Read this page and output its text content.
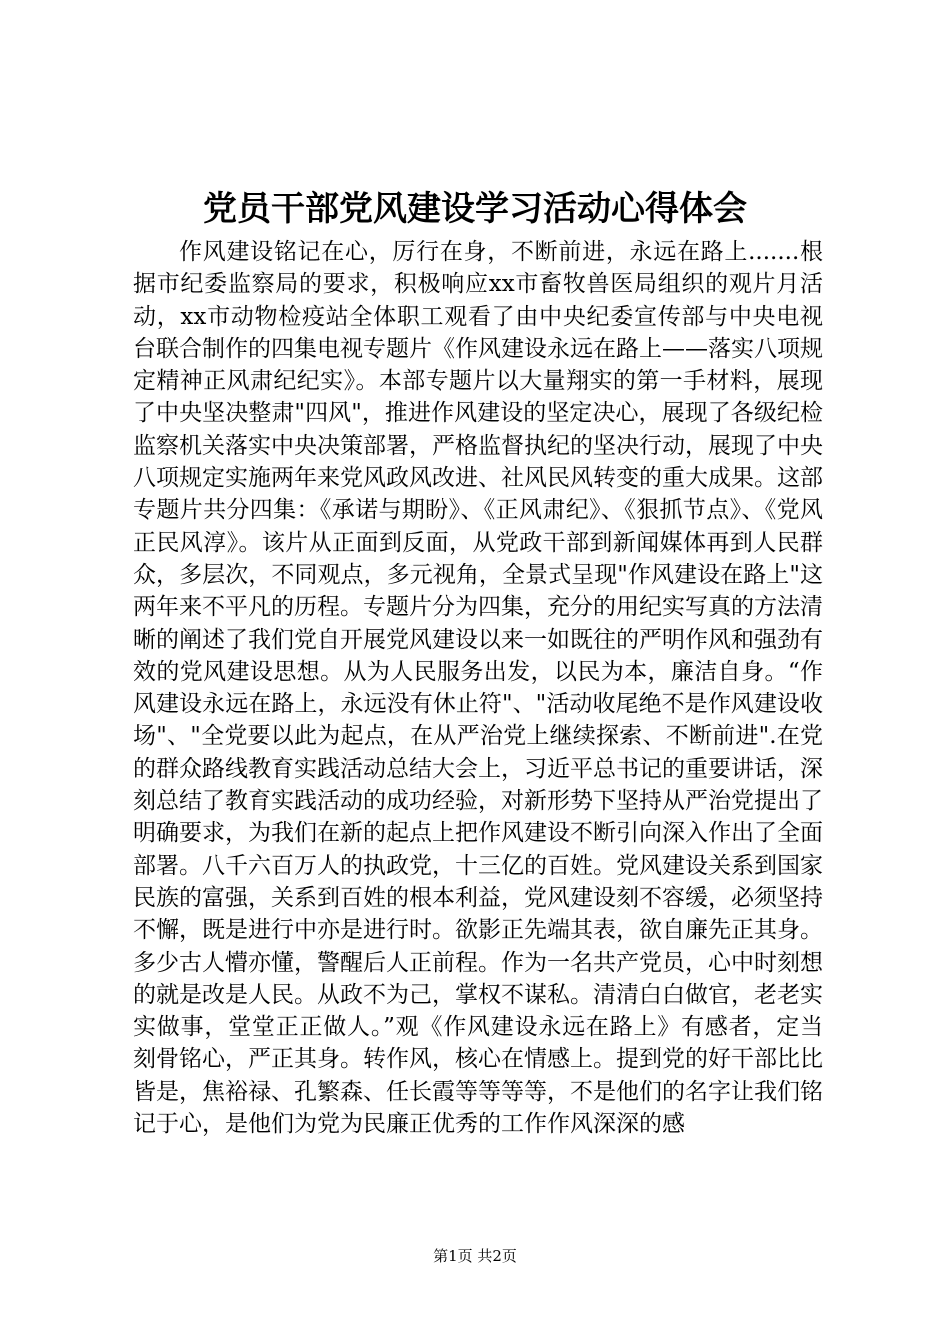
党员干部党风建设学习活动心得体会

作风建设铭记在心，厉行在身，不断前进，永远在路上.......根据市纪委监察局的要求，积极响应xx市畜牧兽医局组织的观片月活动，xx市动物检疫站全体职工观看了由中央纪委宣传部与中央电视台联合制作的四集电视专题片《作风建设永远在路上——落实八项规定精神正风肃纪纪实》。本部专题片以大量翔实的第一手材料，展现了中央坚决整肃"四风"，推进作风建设的坚定决心，展现了各级纪检监察机关落实中央决策部署，严格监督执纪的坚决行动，展现了中央八项规定实施两年来党风政风改进、社风民风转变的重大成果。这部专题片共分四集：《承诺与期盼》、《正风肃纪》、《狠抓节点》、《党风正民风淳》。该片从正面到反面，从党政干部到新闻媒体再到人民群众，多层次，不同观点，多元视角，全景式呈现"作风建设在路上"这两年来不平凡的历程。专题片分为四集，充分的用纪实写真的方法清晰的阐述了我们党自开展党风建设以来一如既往的严明作风和强劲有效的党风建设思想。从为人民服务出发，以民为本，廉洁自身。“作风建设永远在路上，永远没有休止符"、"活动收尾绝不是作风建设收场"、"全党要以此为起点，在从严治党上继续探索、不断前进".在党的群众路线教育实践活动总结大会上，习近平总书记的重要讲话，深刻总结了教育实践活动的成功经验，对新形势下坚持从严治党提出了明确要求，为我们在新的起点上把作风建设不断引向深入作出了全面部署。八千六百万人的执政党，十三亿的百姓。党风建设关系到国家民族的富强，关系到百姓的根本利益，党风建设刻不容缓，必须坚持不懈，既是进行中亦是进行时。欲影正先端其表，欲自廉先正其身。多少古人懵亦懂，警醒后人正前程。作为一名共产党员，心中时刻想的就是改是人民。从政不为己，掌权不谋私。清清白白做官，老老实实做事，堂堂正正做人。”观《作风建设永远在路上》有感者，定当刻骨铭心，严正其身。转作风，核心在情感上。提到党的好干部比比皆是，焦裕禄、孔繁森、任长霞等等等等，不是他们的名字让我们铭记于心，是他们为党为民廉正优秀的工作作风深深的感

第1页 共2页
